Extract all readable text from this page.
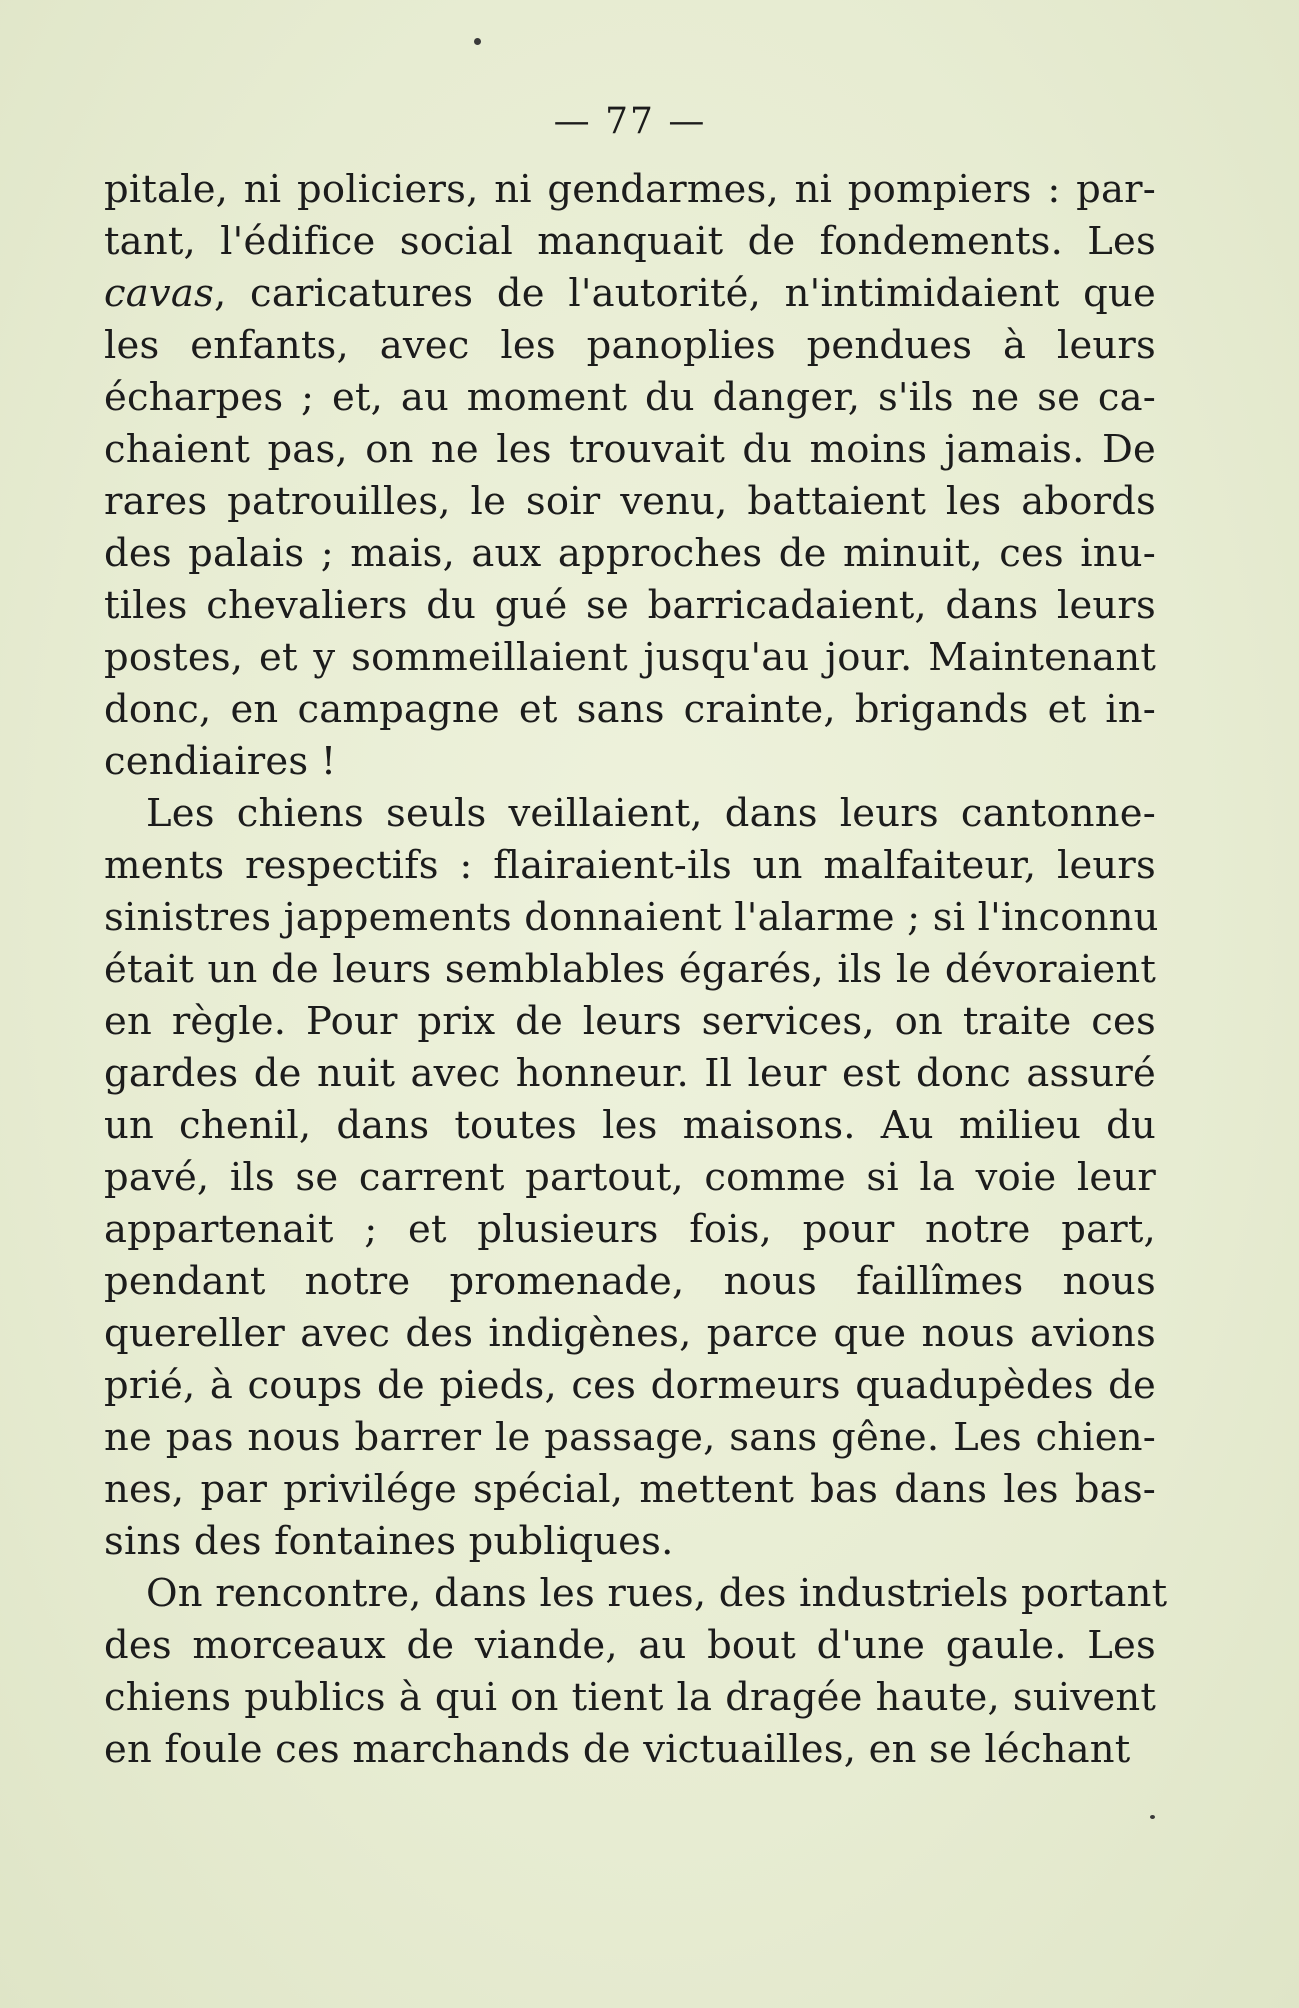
— 77 —
pitale, ni policiers, ni gendarmes, ni pompiers : par-
tant, l'édifice social manquait de fondements. Les
cavas, caricatures de l'autorité, n'intimidaient que
les enfants, avec les panoplies pendues à leurs
écharpes ; et, au moment du danger, s'ils ne se ca-
chaient pas, on ne les trouvait du moins jamais. De
rares patrouilles, le soir venu, battaient les abords
des palais ; mais, aux approches de minuit, ces inu-
tiles chevaliers du gué se barricadaient, dans leurs
postes, et y sommeillaient jusqu'au jour. Maintenant
donc, en campagne et sans crainte, brigands et in-
cendiaires !
Les chiens seuls veillaient, dans leurs cantonne-
ments respectifs : flairaient-ils un malfaiteur, leurs
sinistres jappements donnaient l'alarme ; si l'inconnu
était un de leurs semblables égarés, ils le dévoraient
en règle. Pour prix de leurs services, on traite ces
gardes de nuit avec honneur. Il leur est donc assuré
un chenil, dans toutes les maisons. Au milieu du
pavé, ils se carrent partout, comme si la voie leur
appartenait ; et plusieurs fois, pour notre part,
pendant notre promenade, nous faillîmes nous
quereller avec des indigènes, parce que nous avions
prié, à coups de pieds, ces dormeurs quadupèdes de
ne pas nous barrer le passage, sans gêne. Les chien-
nes, par privilége spécial, mettent bas dans les bas-
sins des fontaines publiques.
On rencontre, dans les rues, des industriels portant
des morceaux de viande, au bout d'une gaule. Les
chiens publics à qui on tient la dragée haute, suivent
en foule ces marchands de victuailles, en se léchant
